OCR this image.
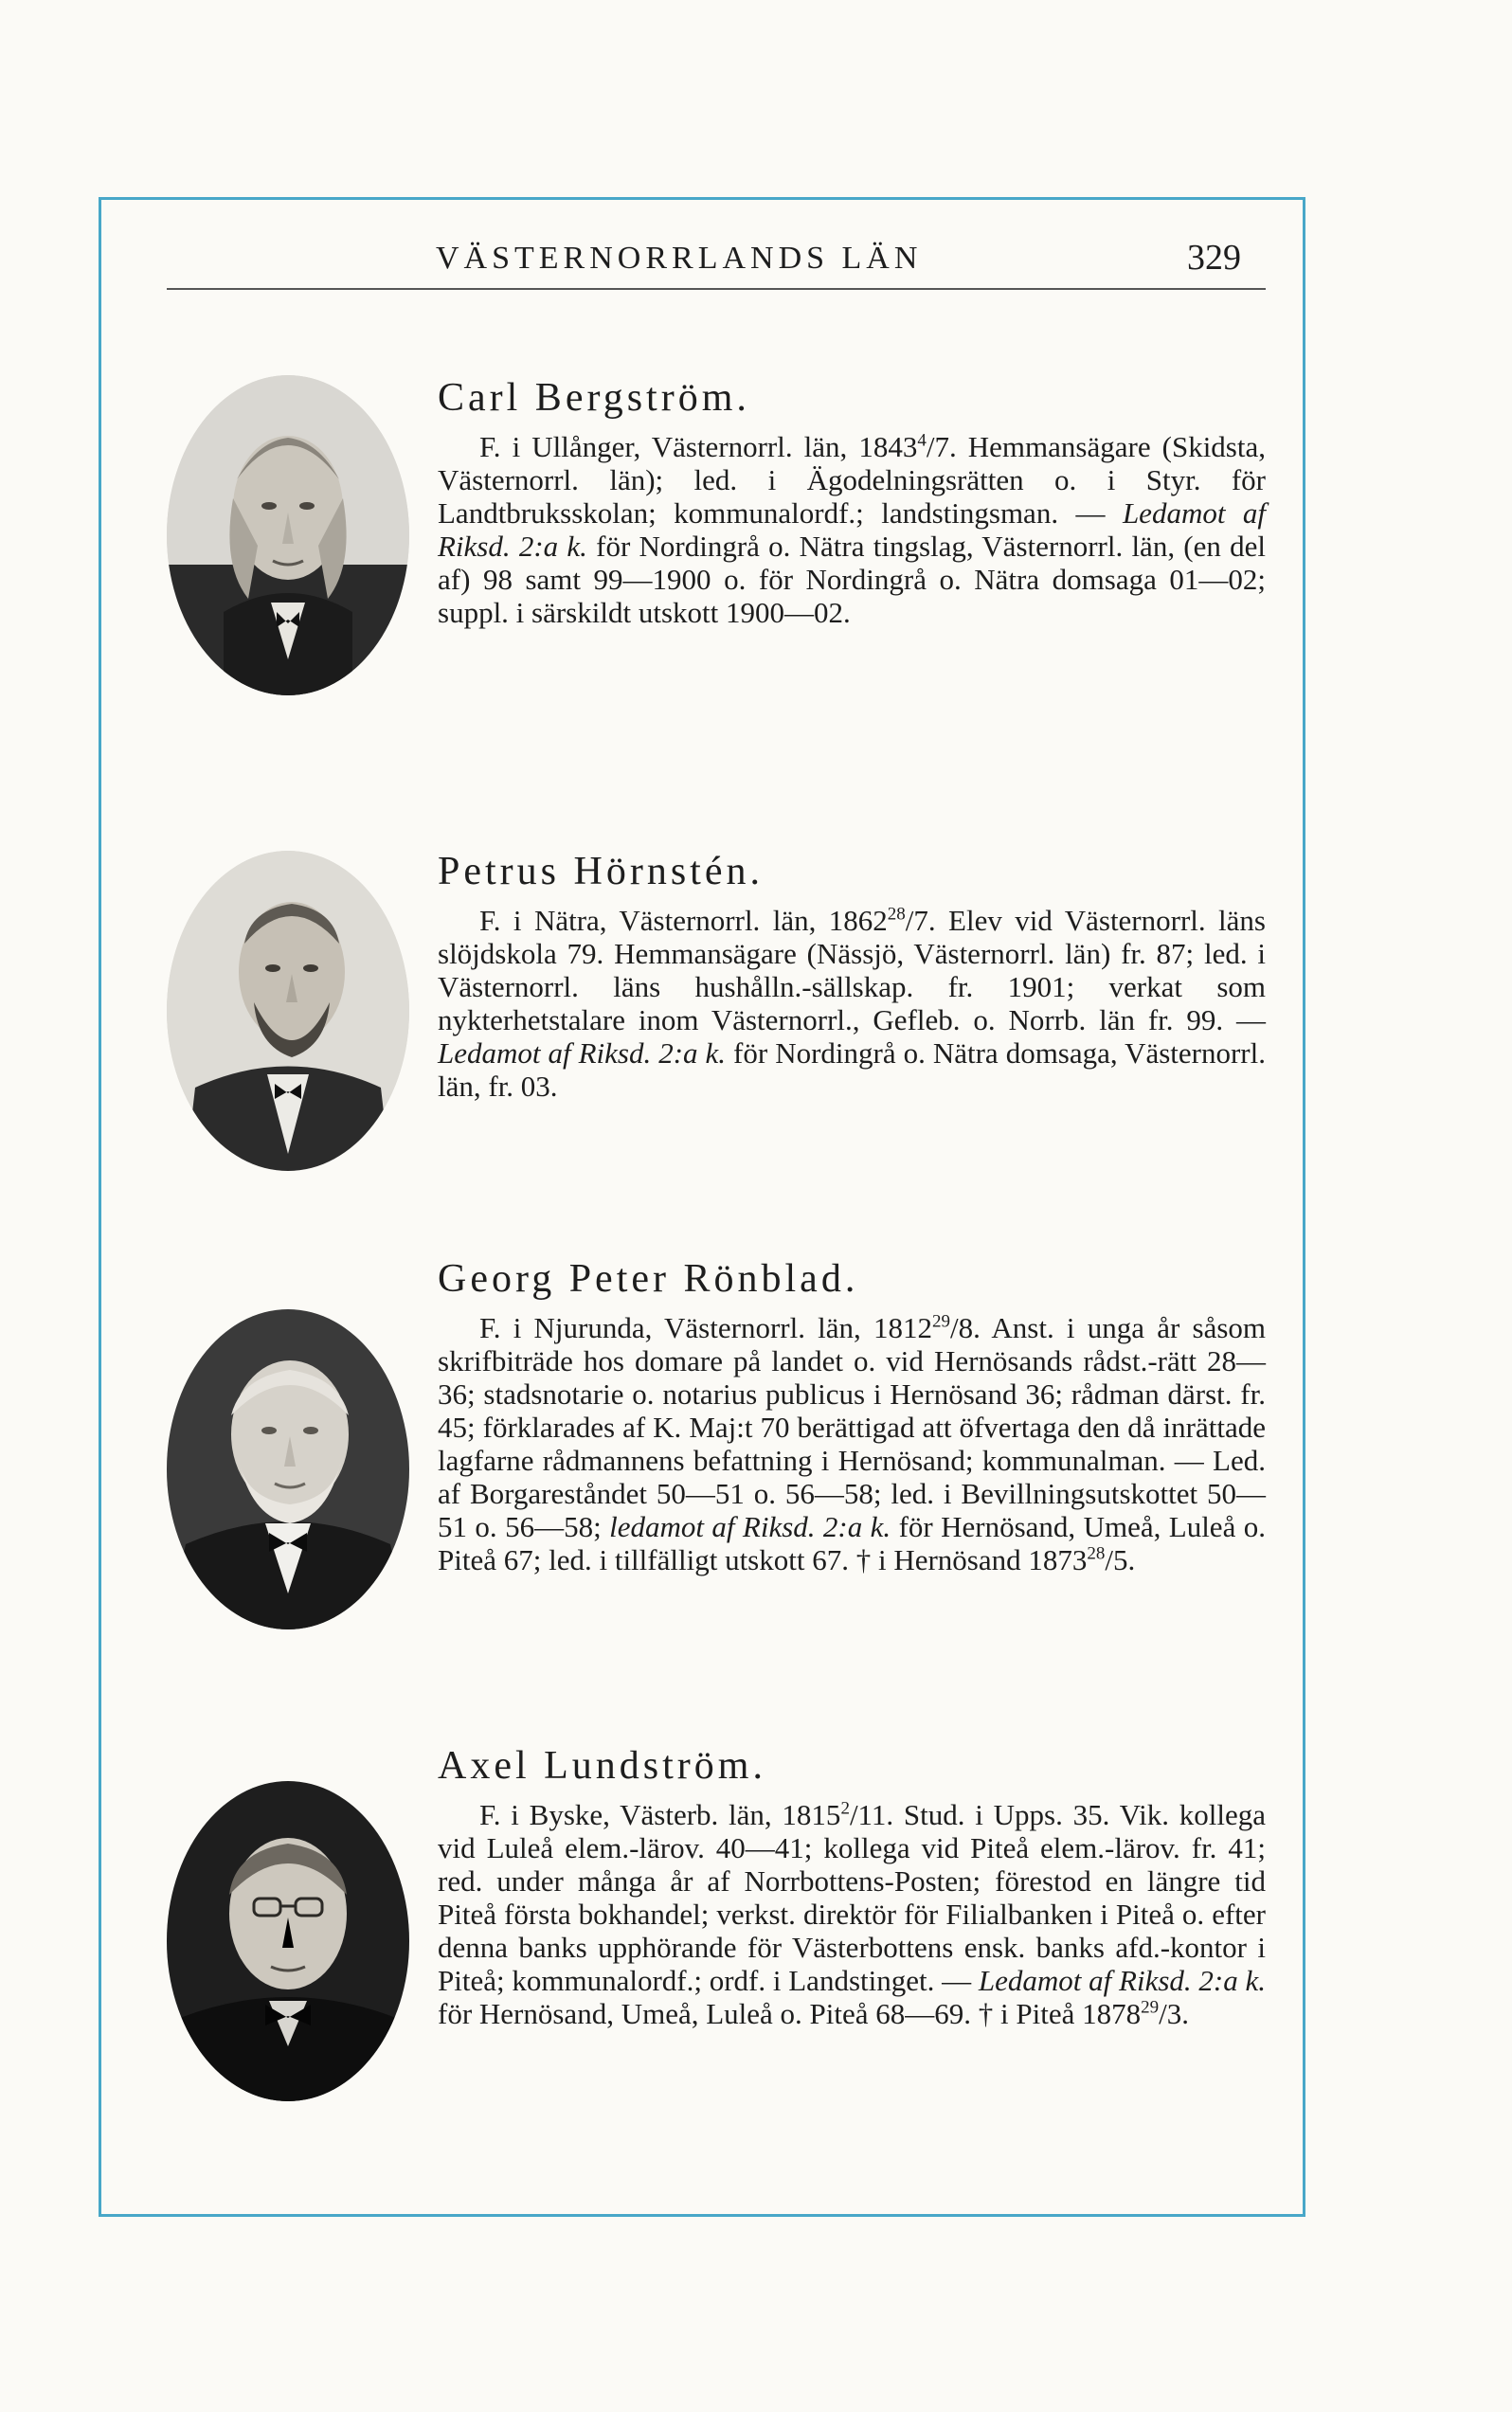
VÄSTERNORRLANDS LÄN	329
Carl Bergström.

F. i Ullånger, Västernorrl. län, 1843$^4$/7. Hemmansägare (Skidsta, Västernorrl. län); led. i Ägodelningsrätten o. i Styr. för Landtbruksskolan; kommunalordf.; landstingsman. — Ledamot af Riksd. 2:a k. för Nordingrå o. Nätra tingslag, Västernorrl. län, (en del af) 98 samt 99—1900 o. för Nordingrå o. Nätra domsaga 01—02; suppl. i särskildt utskott 1900—02.

Petrus Hörnstén.

F. i Nätra, Västernorrl. län, 1862$^{28}$/7. Elev vid Västernorrl. läns slöjdskola 79. Hemmansägare (Nässjö, Västernorrl. län) fr. 87; led. i Västernorrl. läns hushålln.-sällskap. fr. 1901; verkat som nykterhetstalare inom Västernorrl., Gefleb. o. Norrb. län fr. 99. — Ledamot af Riksd. 2:a k. för Nordingrå o. Nätra domsaga, Västernorrl. län, fr. 03.

Georg Peter Rönblad.

F. i Njurunda, Västernorrl. län, 1812$^{29}$/8. Anst. i unga år såsom skrifbiträde hos domare på landet o. vid Hernösands rådst.-rätt 28—36; stadsnotarie o. notarius publicus i Hernösand 36; rådman därst. fr. 45; förklarades af K. Maj:t 70 berättigad att öfvertaga den då inrättade lagfarne rådmannens befattning i Hernösand; kommunalman. — Led. af Borgareståndet 50—51 o. 56—58; led. i Bevillningsutskottet 50—51 o. 56—58; ledamot af Riksd. 2:a k. för Hernösand, Umeå, Luleå o. Piteå 67; led. i tillfälligt utskott 67. † i Hernösand 1873$^{28}$/5.

Axel Lundström.

F. i Byske, Västerb. län, 1815$^2$/11. Stud. i Upps. 35. Vik. kollega vid Luleå elem.-lärov. 40—41; kollega vid Piteå elem.-lärov. fr. 41; red. under många år af Norrbottens-Posten; förestod en längre tid Piteå första bokhandel; verkst. direktör för Filialbanken i Piteå o. efter denna banks upphörande för Västerbottens ensk. banks afd.-kontor i Piteå; kommunalordf.; ordf. i Landstinget. — Ledamot af Riksd. 2:a k. för Hernösand, Umeå, Luleå o. Piteå 68—69. † i Piteå 1878$^{29}$/3.
